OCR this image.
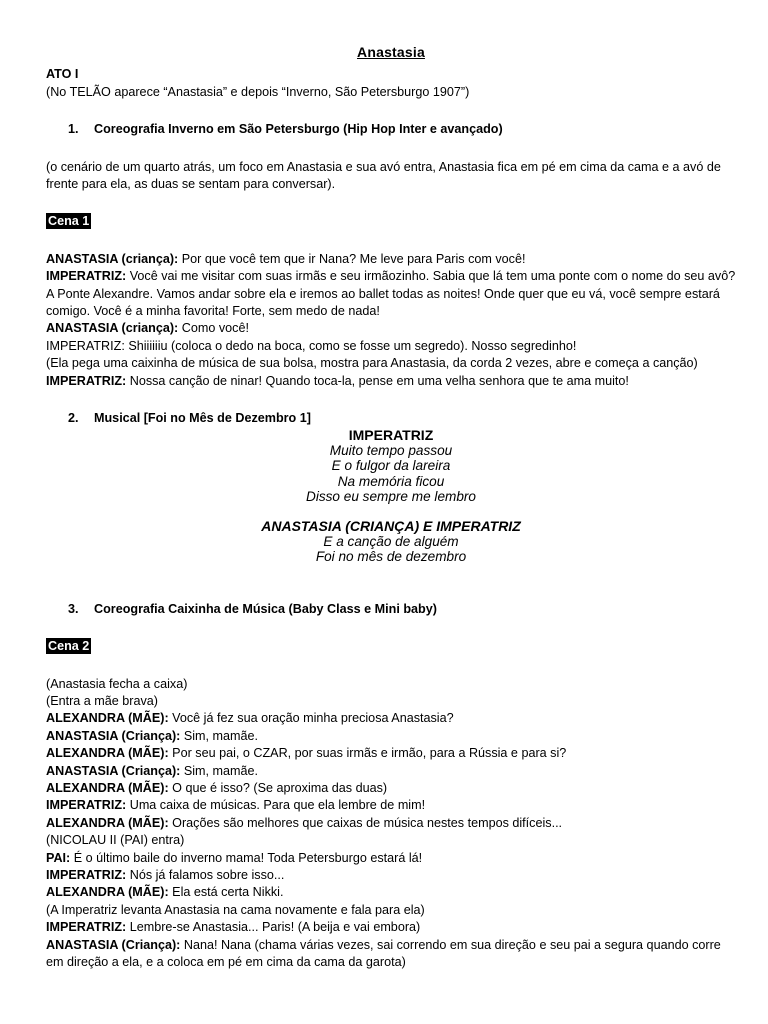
Anastasia

ATO I

(No TELÃO aparece “Anastasia” e depois “Inverno, São Petersburgo 1907”)

1. Coreografia Inverno em São Petersburgo (Hip Hop Inter e avançado)

(o cenário de um quarto atrás, um foco em Anastasia e sua avó entra, Anastasia fica em pé em cima da cama e a avó de frente para ela, as duas se sentam para conversar).

Cena 1

ANASTASIA (criança): Por que você tem que ir Nana? Me leve para Paris com você!

IMPERATRIZ: Você vai me visitar com suas irmãs e seu irmãozinho. Sabia que lá tem uma ponte com o nome do seu avô? A Ponte Alexandre. Vamos andar sobre ela e iremos ao ballet todas as noites! Onde quer que eu vá, você sempre estará comigo. Você é a minha favorita! Forte, sem medo de nada!

ANASTASIA (criança): Como você!

IMPERATRIZ: Shiiiiiiu (coloca o dedo na boca, como se fosse um segredo). Nosso segredinho!

(Ela pega uma caixinha de música de sua bolsa, mostra para Anastasia, da corda 2 vezes, abre e começa a canção)

IMPERATRIZ: Nossa canção de ninar! Quando toca-la, pense em uma velha senhora que te ama muito!

2. Musical [Foi no Mês de Dezembro 1]

IMPERATRIZ
Muito tempo passou
E o fulgor da lareira
Na memória ficou
Disso eu sempre me lembro
ANASTASIA (CRIANÇA) E IMPERATRIZ
E a canção de alguém
Foi no mês de dezembro

3. Coreografia Caixinha de Música (Baby Class e Mini baby)

Cena 2

(Anastasia fecha a caixa)

(Entra a mãe brava)

ALEXANDRA (MÃE): Você já fez sua oração minha preciosa Anastasia?

ANASTASIA (Criança): Sim, mamãe.

ALEXANDRA (MÃE): Por seu pai, o CZAR, por suas irmãs e irmão, para a Rússia e para si?

ANASTASIA (Criança): Sim, mamãe.

ALEXANDRA (MÃE): O que é isso? (Se aproxima das duas)

IMPERATRIZ: Uma caixa de músicas. Para que ela lembre de mim!

ALEXANDRA (MÃE): Orações são melhores que caixas de música nestes tempos difíceis...

(NICOLAU II (PAI) entra)

PAI: É o último baile do inverno mama! Toda Petersburgo estará lá!

IMPERATRIZ: Nós já falamos sobre isso...

ALEXANDRA (MÃE): Ela está certa Nikki.

(A Imperatriz levanta Anastasia na cama novamente e fala para ela)

IMPERATRIZ: Lembre-se Anastasia... Paris! (A beija e vai embora)

ANASTASIA (Criança): Nana! Nana (chama várias vezes, sai correndo em sua direção e seu pai a segura quando corre em direção a ela, e a coloca em pé em cima da cama da garota)
